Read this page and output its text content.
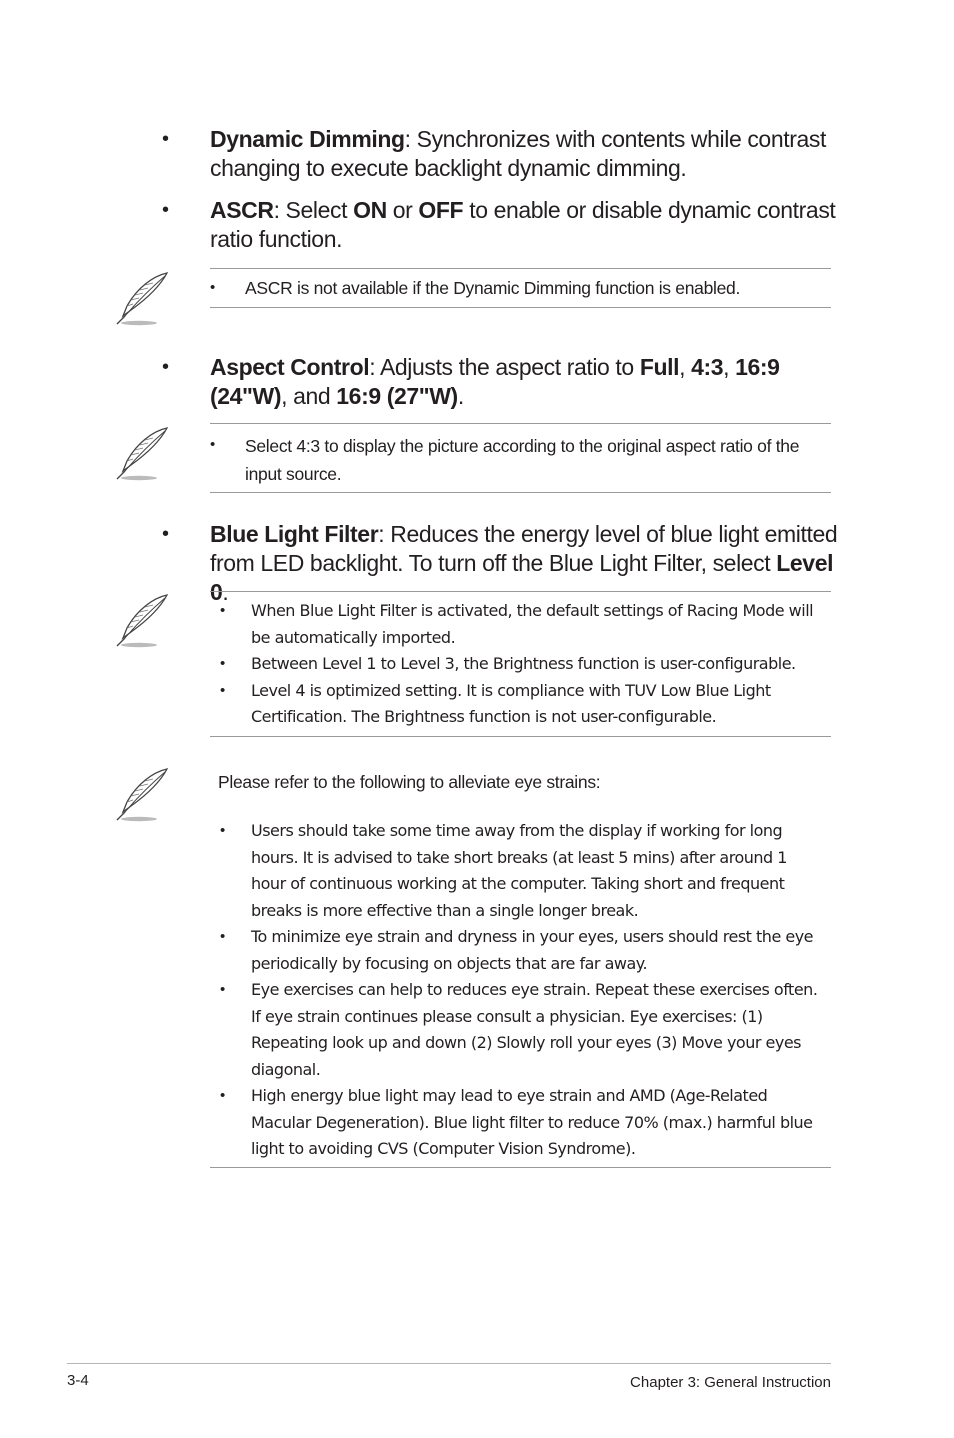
• Dynamic Dimming: Synchronizes with contents while contrast changing to execute backlight dynamic dimming.
• ASCR: Select ON or OFF to enable or disable dynamic contrast ratio function.
•	ASCR is not available if the Dynamic Dimming function is enabled.
• Aspect Control: Adjusts the aspect ratio to Full, 4:3, 16:9 (24"W), and 16:9 (27"W).
•	Select 4:3 to display the picture according to the original aspect ratio of the input source.
• Blue Light Filter: Reduces the energy level of blue light emitted from LED backlight. To turn off the Blue Light Filter, select Level 0.
•	When Blue Light Filter is activated, the default settings of Racing Mode will be automatically imported.
•	Between Level 1 to Level 3, the Brightness function is user-configurable.
•	Level 4 is optimized setting. It is compliance with TUV Low Blue Light Certification. The Brightness function is not user-configurable.
Please refer to the following to alleviate eye strains:
•	Users should take some time away from the display if working for long hours. It is advised to take short breaks (at least 5 mins) after around 1 hour of continuous working at the computer. Taking short and frequent breaks is more effective than a single longer break.
•	To minimize eye strain and dryness in your eyes, users should rest the eye periodically by focusing on objects that are far away.
•	Eye exercises can help to reduces eye strain. Repeat these exercises often. If eye strain continues please consult a physician. Eye exercises: (1) Repeating look up and down (2) Slowly roll your eyes (3) Move your eyes diagonal.
•	High energy blue light may lead to eye strain and AMD (Age-Related Macular Degeneration). Blue light filter to reduce 70% (max.) harmful blue light to avoiding CVS (Computer Vision Syndrome).
3-4	Chapter 3: General Instruction
